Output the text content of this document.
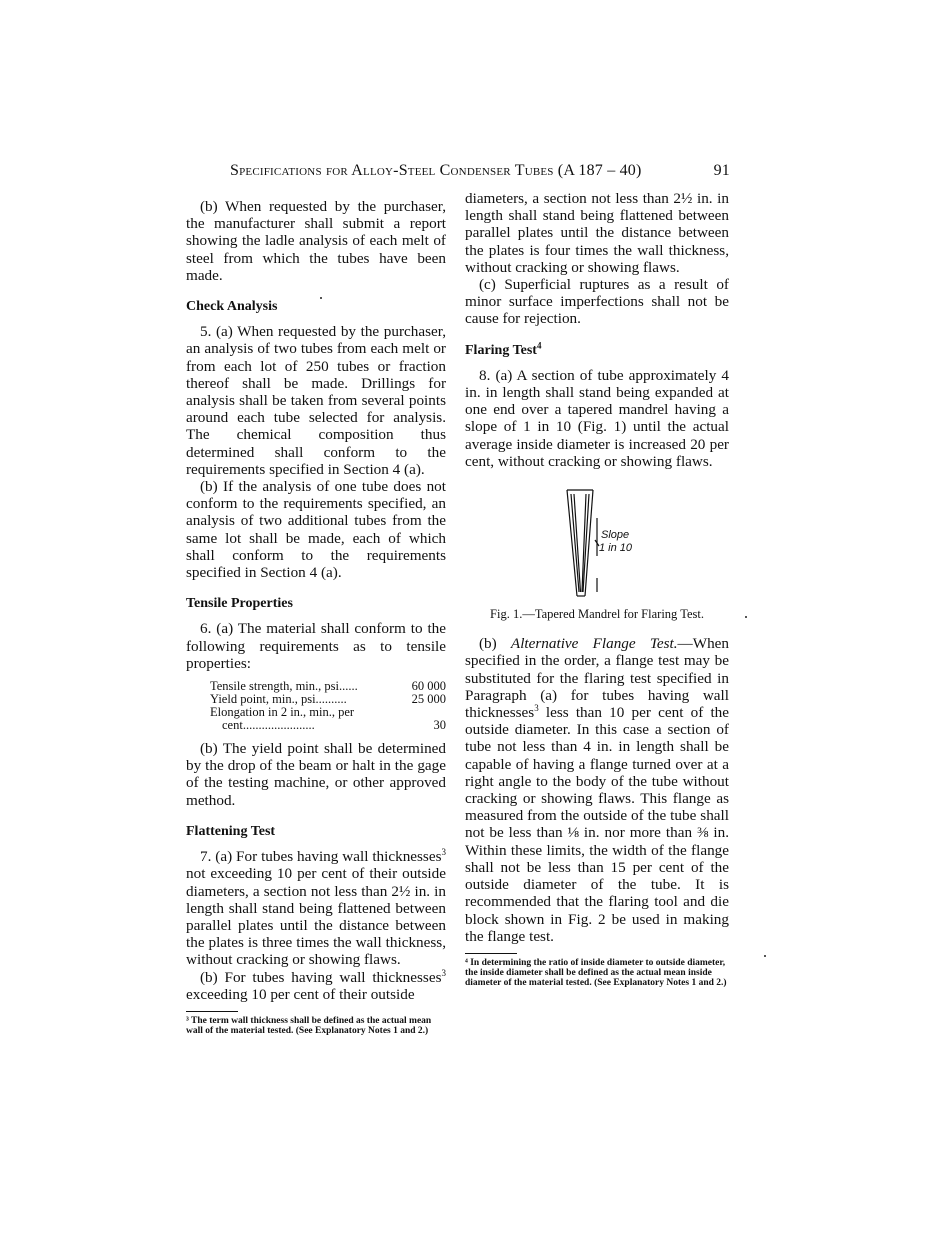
Specifications for Alloy-Steel Condenser Tubes (A 187 – 40)	91

(b) When requested by the purchaser, the manufacturer shall submit a report showing the ladle analysis of each melt of steel from which the tubes have been made.

Check Analysis

5. (a) When requested by the purchaser, an analysis of two tubes from each melt or from each lot of 250 tubes or fraction thereof shall be made. Drillings for analysis shall be taken from several points around each tube selected for analysis. The chemical composition thus determined shall conform to the requirements specified in Section 4 (a).

(b) If the analysis of one tube does not conform to the requirements specified, an analysis of two additional tubes from the same lot shall be made, each of which shall conform to the requirements specified in Section 4 (a).

Tensile Properties

6. (a) The material shall conform to the following requirements as to tensile properties:

Tensile strength, min., psi......	60 000
Yield point, min., psi..........	25 000
Elongation in 2 in., min., per
cent.......................	30

(b) The yield point shall be determined by the drop of the beam or halt in the gage of the testing machine, or other approved method.

Flattening Test

7. (a) For tubes having wall thicknesses$^3$ not exceeding 10 per cent of their outside diameters, a section not less than 2½ in. in length shall stand being flattened between parallel plates until the distance between the plates is three times the wall thickness, without cracking or showing flaws.

(b) For tubes having wall thicknesses$^3$ exceeding 10 per cent of their outside

³ The term wall thickness shall be defined as the actual mean wall of the material tested. (See Explanatory Notes 1 and 2.)

diameters, a section not less than 2½ in. in length shall stand being flattened between parallel plates until the distance between the plates is four times the wall thickness, without cracking or showing flaws.

(c) Superficial ruptures as a result of minor surface imperfections shall not be cause for rejection.

Flaring Test$^4$

8. (a) A section of tube approximately 4 in. in length shall stand being expanded at one end over a tapered mandrel having a slope of 1 in 10 (Fig. 1) until the actual average inside diameter is increased 20 per cent, without cracking or showing flaws.

Slope
1 in 10
Fig. 1.—Tapered Mandrel for Flaring Test.

(b) Alternative Flange Test.—When specified in the order, a flange test may be substituted for the flaring test specified in Paragraph (a) for tubes having wall thicknesses$^3$ less than 10 per cent of the outside diameter. In this case a section of tube not less than 4 in. in length shall be capable of having a flange turned over at a right angle to the body of the tube without cracking or showing flaws. This flange as measured from the outside of the tube shall not be less than ⅛ in. nor more than ⅜ in. Within these limits, the width of the flange shall not be less than 15 per cent of the outside diameter of the tube. It is recommended that the flaring tool and die block shown in Fig. 2 be used in making the flange test.

⁴ In determining the ratio of inside diameter to outside diameter, the inside diameter shall be defined as the actual mean inside diameter of the material tested. (See Explanatory Notes 1 and 2.)
